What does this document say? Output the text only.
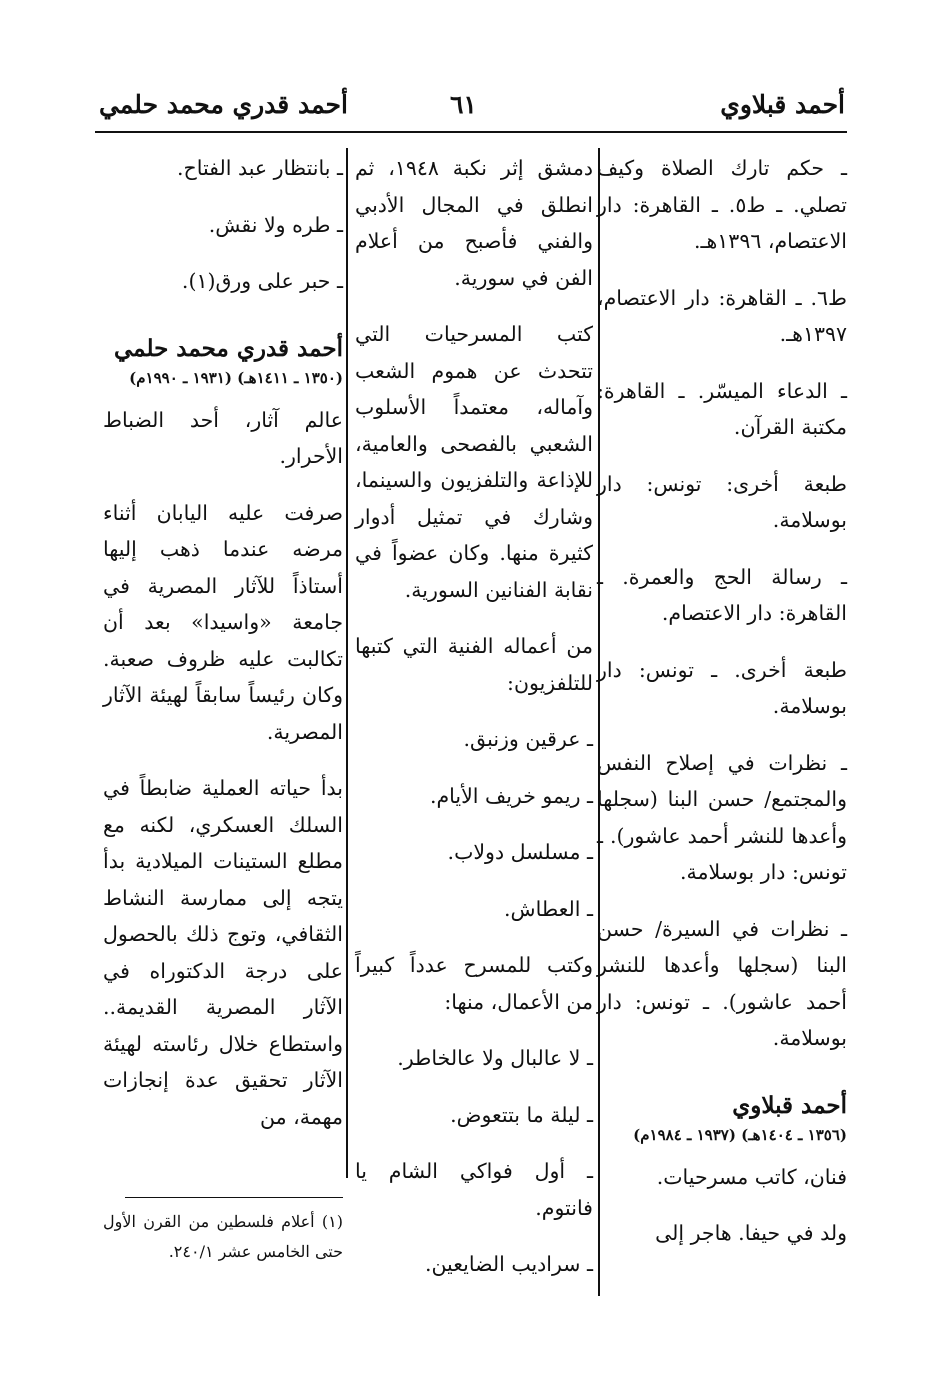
أحمد قبلاوي
٦١
أحمد قدري محمد حلمي

ـ حكم تارك الصلاة وكيف تصلي. ـ ط٥. ـ القاهرة: دار الاعتصام، ١٣٩٦هـ.

ط٦. ـ القاهرة: دار الاعتصام، ١٣٩٧هـ.

ـ الدعاء الميسّر. ـ القاهرة: مكتبة القرآن.

طبعة أخرى: تونس: دار بوسلامة.

ـ رسالة الحج والعمرة. ـ القاهرة: دار الاعتصام.

طبعة أخرى. ـ تونس: دار بوسلامة.

ـ نظرات في إصلاح النفس والمجتمع/ حسن البنا (سجلها وأعدها للنشر أحمد عاشور). ـ تونس: دار بوسلامة.

ـ نظرات في السيرة/ حسن البنا (سجلها وأعدها للنشر أحمد عاشور). ـ تونس: دار بوسلامة.

أحمد قبلاوي

(١٣٥٦ ـ ١٤٠٤هـ) (١٩٣٧ ـ ١٩٨٤م)

فنان، كاتب مسرحيات.

ولد في حيفا. هاجر إلى

دمشق إثر نكبة ١٩٤٨، ثم انطلق في المجال الأدبي والفني فأصبح من أعلام الفن في سورية.

كتب المسرحيات التي تتحدث عن هموم الشعب وآماله، معتمداً الأسلوب الشعبي بالفصحى والعامية، للإذاعة والتلفزيون والسينما، وشارك في تمثيل أدوار كثيرة منها. وكان عضواً في نقابة الفنانين السورية.

من أعماله الفنية التي كتبها للتلفزيون:

ـ عرقين وزنبق.

ـ ريمو خريف الأيام.

ـ مسلسل دولاب.

ـ العطاش.

وكتب للمسرح عدداً كبيراً من الأعمال، منها:

ـ لا عالبال ولا عالخاطر.

ـ ليلة ما بتتعوض.

ـ أول فواكي الشام يا فانتوم.

ـ سراديب الضايعين.

ـ بانتظار عبد الفتاح.

ـ طره ولا نقش.

ـ حبر على ورق(١).

أحمد قدري محمد حلمي

(١٣٥٠ ـ ١٤١١هـ) (١٩٣١ ـ ١٩٩٠م)

عالم آثار، أحد الضباط الأحرار.

صرفت عليه اليابان أثناء مرضه عندما ذهب إليها أستاذاً للآثار المصرية في جامعة «واسيدا» بعد أن تكالبت عليه ظروف صعبة. وكان رئيساً سابقاً لهيئة الآثار المصرية.

بدأ حياته العملية ضابطاً في السلك العسكري، لكنه مع مطلع الستينات الميلادية بدأ يتجه إلى ممارسة النشاط الثقافي، وتوج ذلك بالحصول على درجة الدكتوراه في الآثار المصرية القديمة.. واستطاع خلال رئاسته لهيئة الآثار تحقيق عدة إنجازات مهمة، من

(١) أعلام فلسطين من القرن الأول حتى الخامس عشر ٢٤٠/١.
